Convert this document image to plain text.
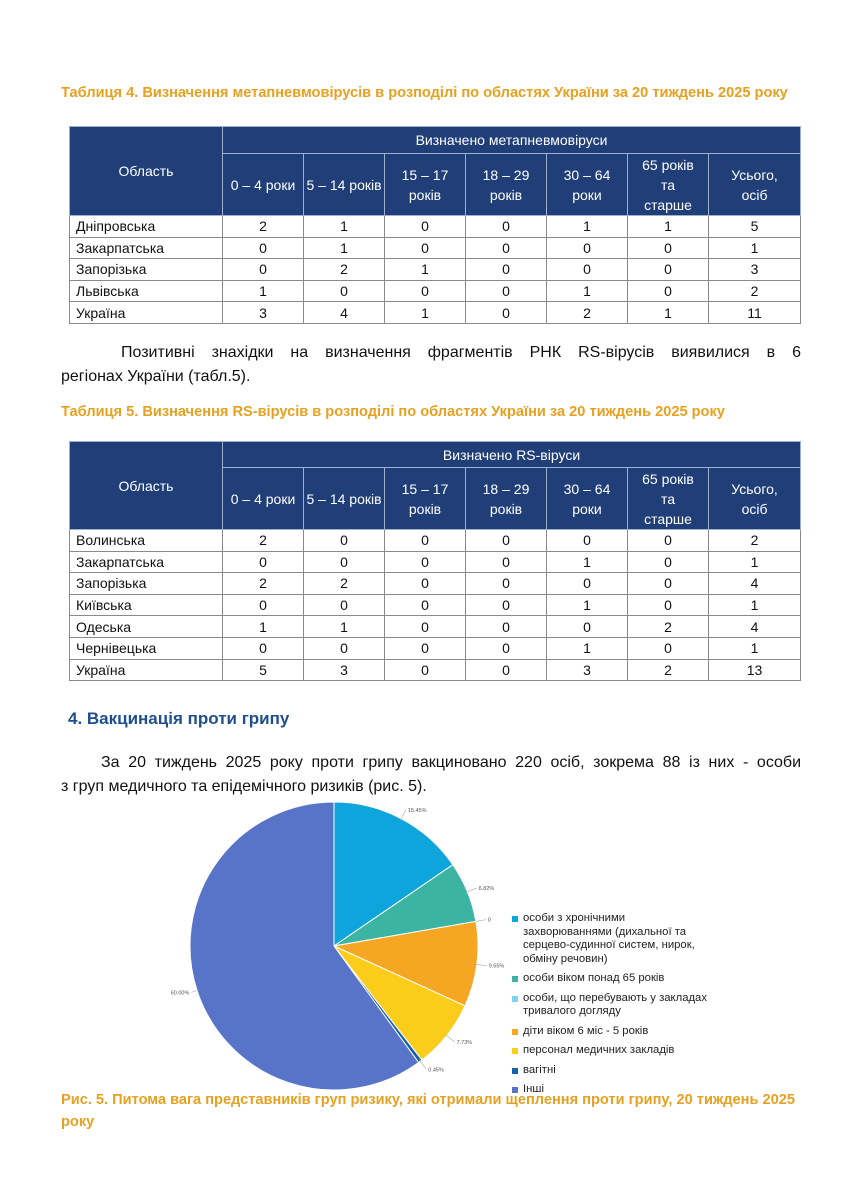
Таблиця 4. Визначення метапневмовірусів в розподілі по областях України за 20 тиждень 2025 року
Область	Визначено метапневмовіруси						
	0 – 4 роки	5 – 14 років	15 – 17 років	18 – 29 років	30 – 64 роки	65 років та старше	Усього, осіб
Дніпровська	2	1	0	0	1	1	5
Закарпатська	0	1	0	0	0	0	1
Запорізька	0	2	1	0	0	0	3
Львівська	1	0	0	0	1	0	2
Україна	3	4	1	0	2	1	11
Позитивні знахідки на визначення фрагментів РНК RS-вірусів виявилися в 6
регіонах України (табл.5).
Таблиця 5. Визначення RS-вірусів в розподілі по областях України за 20 тиждень 2025 року
Область	Визначено RS-віруси						
	0 – 4 роки	5 – 14 років	15 – 17 років	18 – 29 років	30 – 64 роки	65 років та старше	Усього, осіб
Волинська	2	0	0	0	0	0	2
Закарпатська	0	0	0	0	1	0	1
Запорізька	2	2	0	0	0	0	4
Київська	0	0	0	0	1	0	1
Одеська	1	1	0	0	0	2	4
Чернівецька	0	0	0	0	1	0	1
Україна	5	3	0	0	3	2	13
4. Вакцинація проти грипу
За 20 тиждень 2025 року проти грипу вакциновано 220 осіб, зокрема 88 із них - особи
з груп медичного та епідемічного ризиків (рис. 5).
15.45%
6.82%
0
9.55%
7.73%
0.45%
60.00%
особи з хронічними захворюваннями (дихальної та серцево-судинної систем, нирок, обміну речовин)
особи віком понад 65 років
особи, що перебувають у закладах тривалого догляду
діти віком 6 міс - 5 років
персонал медичних закладів
вагітні
Інші
Рис. 5. Питома вага представників груп ризику, які отримали щеплення проти грипу, 20 тиждень 2025 року
